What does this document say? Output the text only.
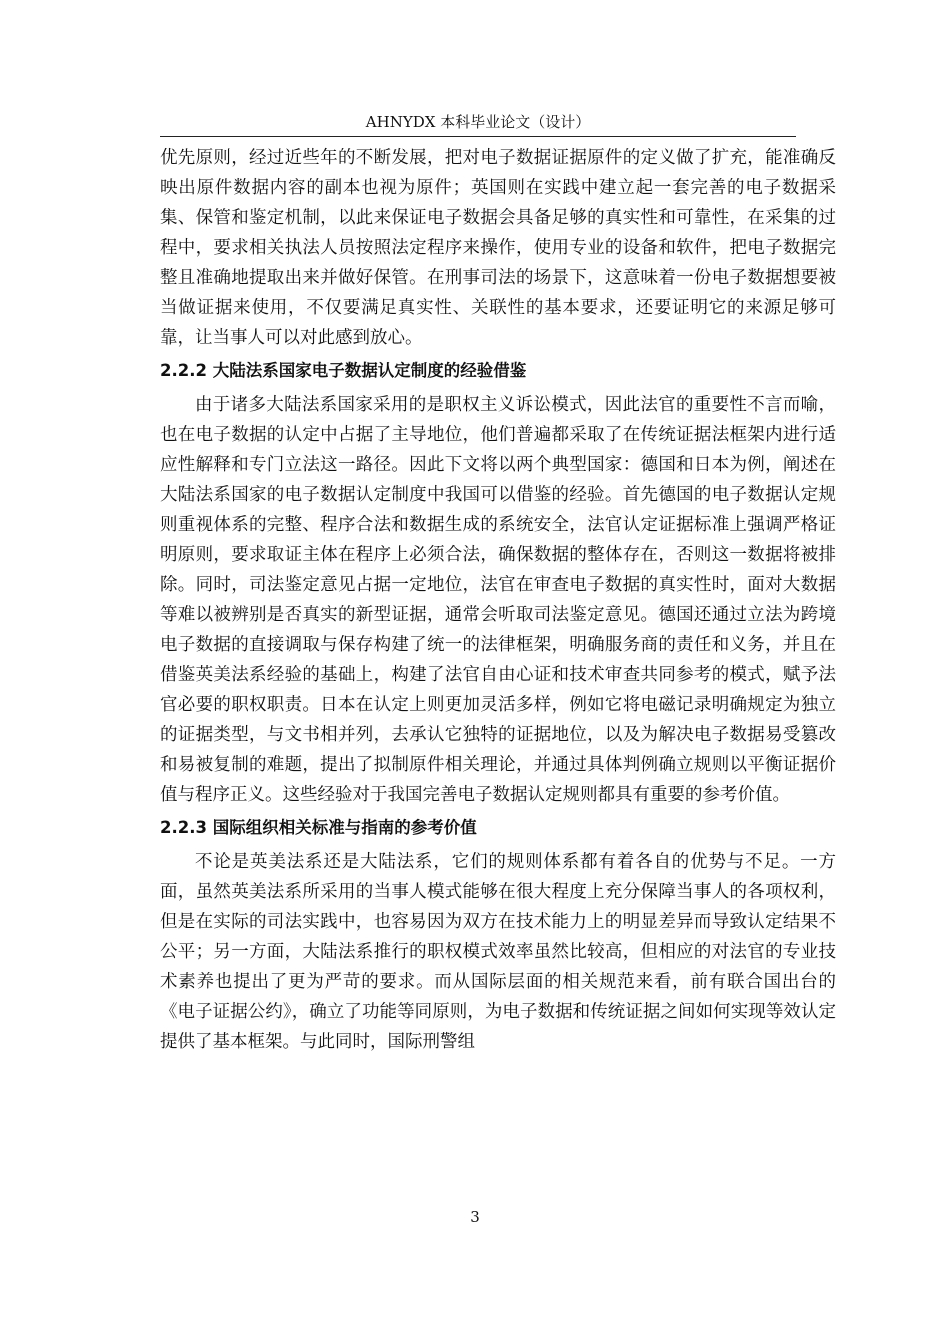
AHNYDX 本科毕业论文（设计）

优先原则，经过近些年的不断发展，把对电子数据证据原件的定义做了扩充，能准确反映出原件数据内容的副本也视为原件；英国则在实践中建立起一套完善的电子数据采集、保管和鉴定机制，以此来保证电子数据会具备足够的真实性和可靠性，在采集的过程中，要求相关执法人员按照法定程序来操作，使用专业的设备和软件，把电子数据完整且准确地提取出来并做好保管。在刑事司法的场景下，这意味着一份电子数据想要被当做证据来使用，不仅要满足真实性、关联性的基本要求，还要证明它的来源足够可靠，让当事人可以对此感到放心。

2.2.2 大陆法系国家电子数据认定制度的经验借鉴

由于诸多大陆法系国家采用的是职权主义诉讼模式，因此法官的重要性不言而喻，也在电子数据的认定中占据了主导地位，他们普遍都采取了在传统证据法框架内进行适应性解释和专门立法这一路径。因此下文将以两个典型国家：德国和日本为例，阐述在大陆法系国家的电子数据认定制度中我国可以借鉴的经验。首先德国的电子数据认定规则重视体系的完整、程序合法和数据生成的系统安全，法官认定证据标准上强调严格证明原则，要求取证主体在程序上必须合法，确保数据的整体存在，否则这一数据将被排除。同时，司法鉴定意见占据一定地位，法官在审查电子数据的真实性时，面对大数据等难以被辨别是否真实的新型证据，通常会听取司法鉴定意见。德国还通过立法为跨境电子数据的直接调取与保存构建了统一的法律框架，明确服务商的责任和义务，并且在借鉴英美法系经验的基础上，构建了法官自由心证和技术审查共同参考的模式，赋予法官必要的职权职责。日本在认定上则更加灵活多样，例如它将电磁记录明确规定为独立的证据类型，与文书相并列，去承认它独特的证据地位，以及为解决电子数据易受篡改和易被复制的难题，提出了拟制原件相关理论，并通过具体判例确立规则以平衡证据价值与程序正义。这些经验对于我国完善电子数据认定规则都具有重要的参考价值。

2.2.3 国际组织相关标准与指南的参考价值

不论是英美法系还是大陆法系，它们的规则体系都有着各自的优势与不足。一方面，虽然英美法系所采用的当事人模式能够在很大程度上充分保障当事人的各项权利，但是在实际的司法实践中，也容易因为双方在技术能力上的明显差异而导致认定结果不公平；另一方面，大陆法系推行的职权模式效率虽然比较高，但相应的对法官的专业技术素养也提出了更为严苛的要求。而从国际层面的相关规范来看，前有联合国出台的《电子证据公约》，确立了功能等同原则，为电子数据和传统证据之间如何实现等效认定提供了基本框架。与此同时，国际刑警组

3
